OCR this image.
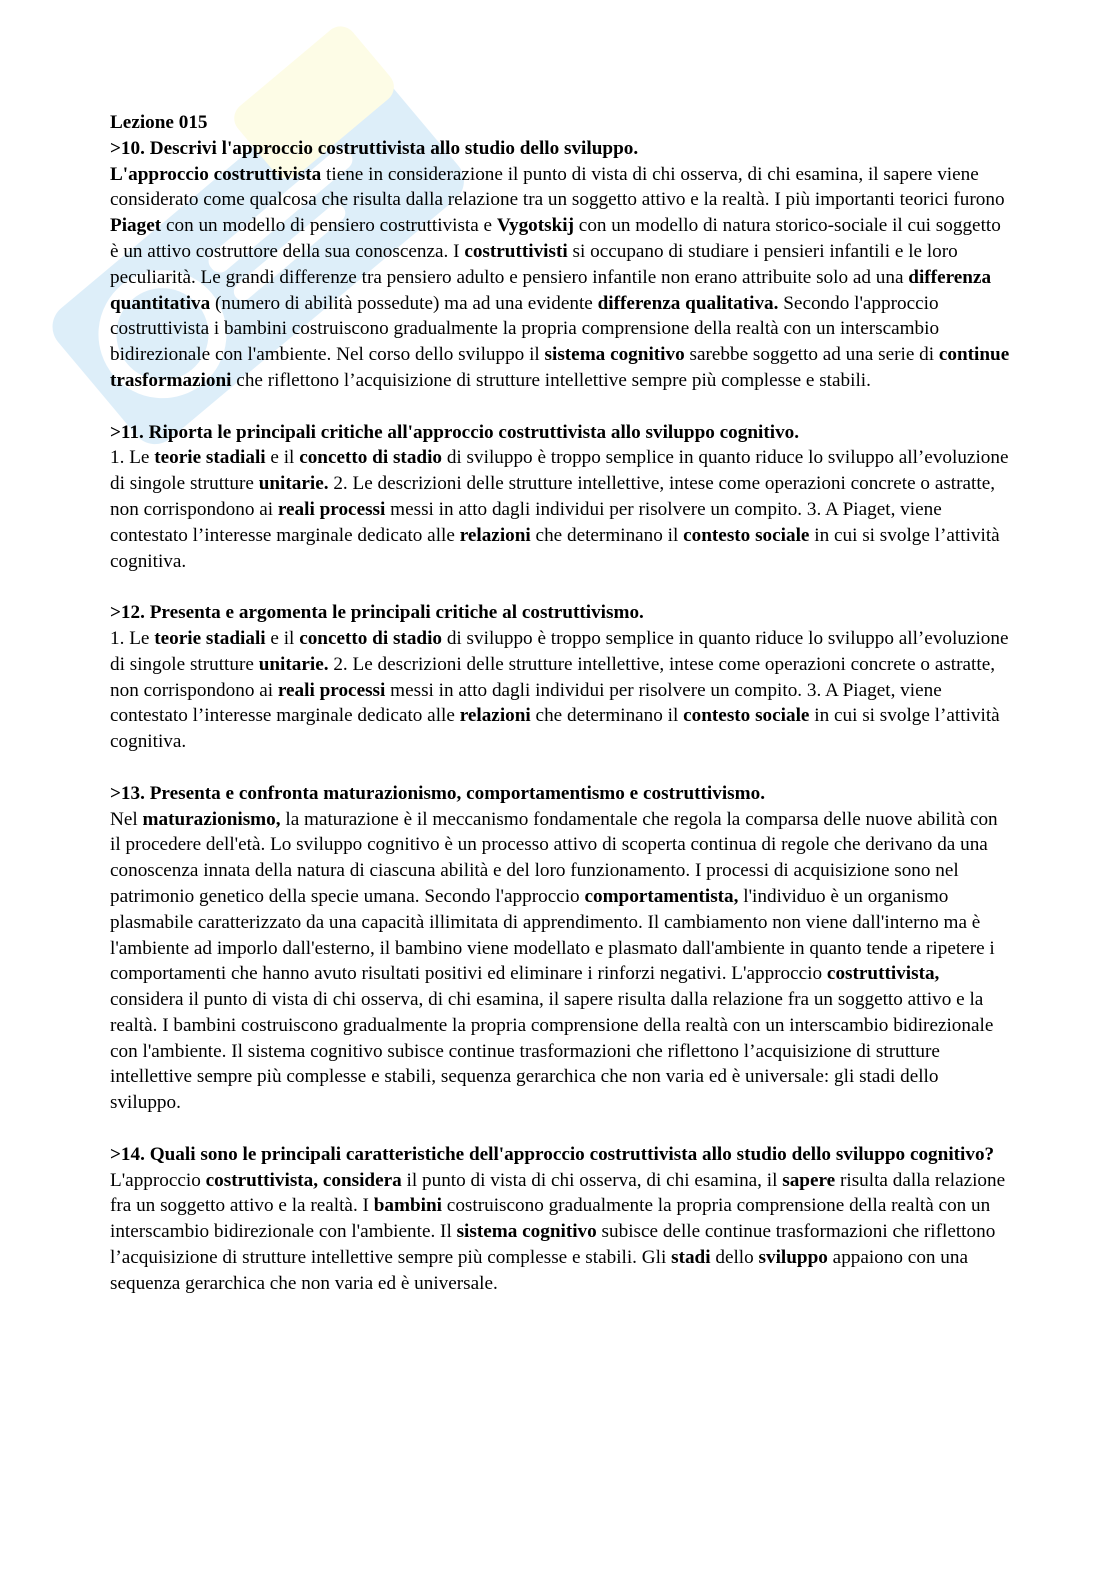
Lezione 015
>10. Descrivi l'approccio costruttivista allo studio dello sviluppo.

L'approccio costruttivista tiene in considerazione il punto di vista di chi osserva, di chi esamina, il sapere viene considerato come qualcosa che risulta dalla relazione tra un soggetto attivo e la realtà. I più importanti teorici furono Piaget con un modello di pensiero costruttivista e Vygotskij con un modello di natura storico-sociale il cui soggetto è un attivo costruttore della sua conoscenza. I costruttivisti si occupano di studiare i pensieri infantili e le loro peculiarità. Le grandi differenze tra pensiero adulto e pensiero infantile non erano attribuite solo ad una differenza quantitativa (numero di abilità possedute) ma ad una evidente differenza qualitativa. Secondo l'approccio costruttivista i bambini costruiscono gradualmente la propria comprensione della realtà con un interscambio bidirezionale con l'ambiente. Nel corso dello sviluppo il sistema cognitivo sarebbe soggetto ad una serie di continue trasformazioni che riflettono l’acquisizione di strutture intellettive sempre più complesse e stabili.

>11. Riporta le principali critiche all'approccio costruttivista allo sviluppo cognitivo.

1. Le teorie stadiali e il concetto di stadio di sviluppo è troppo semplice in quanto riduce lo sviluppo all’evoluzione di singole strutture unitarie. 2. Le descrizioni delle strutture intellettive, intese come operazioni concrete o astratte, non corrispondono ai reali processi messi in atto dagli individui per risolvere un compito. 3. A Piaget, viene contestato l’interesse marginale dedicato alle relazioni che determinano il contesto sociale in cui si svolge l’attività cognitiva.

>12. Presenta e argomenta le principali critiche al costruttivismo.

1. Le teorie stadiali e il concetto di stadio di sviluppo è troppo semplice in quanto riduce lo sviluppo all’evoluzione di singole strutture unitarie. 2. Le descrizioni delle strutture intellettive, intese come operazioni concrete o astratte, non corrispondono ai reali processi messi in atto dagli individui per risolvere un compito. 3. A Piaget, viene contestato l’interesse marginale dedicato alle relazioni che determinano il contesto sociale in cui si svolge l’attività cognitiva.

>13. Presenta e confronta maturazionismo, comportamentismo e costruttivismo.

Nel maturazionismo, la maturazione è il meccanismo fondamentale che regola la comparsa delle nuove abilità con il procedere dell'età. Lo sviluppo cognitivo è un processo attivo di scoperta continua di regole che derivano da una conoscenza innata della natura di ciascuna abilità e del loro funzionamento. I processi di acquisizione sono nel patrimonio genetico della specie umana. Secondo l'approccio comportamentista, l'individuo è un organismo plasmabile caratterizzato da una capacità illimitata di apprendimento. Il cambiamento non viene dall'interno ma è l'ambiente ad imporlo dall'esterno, il bambino viene modellato e plasmato dall'ambiente in quanto tende a ripetere i comportamenti che hanno avuto risultati positivi ed eliminare i rinforzi negativi. L'approccio costruttivista, considera il punto di vista di chi osserva, di chi esamina, il sapere risulta dalla relazione fra un soggetto attivo e la realtà. I bambini costruiscono gradualmente la propria comprensione della realtà con un interscambio bidirezionale con l'ambiente. Il sistema cognitivo subisce continue trasformazioni che riflettono l’acquisizione di strutture intellettive sempre più complesse e stabili, sequenza gerarchica che non varia ed è universale: gli stadi dello sviluppo.

>14. Quali sono le principali caratteristiche dell'approccio costruttivista allo studio dello sviluppo cognitivo?

L'approccio costruttivista, considera il punto di vista di chi osserva, di chi esamina, il sapere risulta dalla relazione fra un soggetto attivo e la realtà. I bambini costruiscono gradualmente la propria comprensione della realtà con un interscambio bidirezionale con l'ambiente. Il sistema cognitivo subisce delle continue trasformazioni che riflettono l’acquisizione di strutture intellettive sempre più complesse e stabili. Gli stadi dello sviluppo appaiono con una sequenza gerarchica che non varia ed è universale.
